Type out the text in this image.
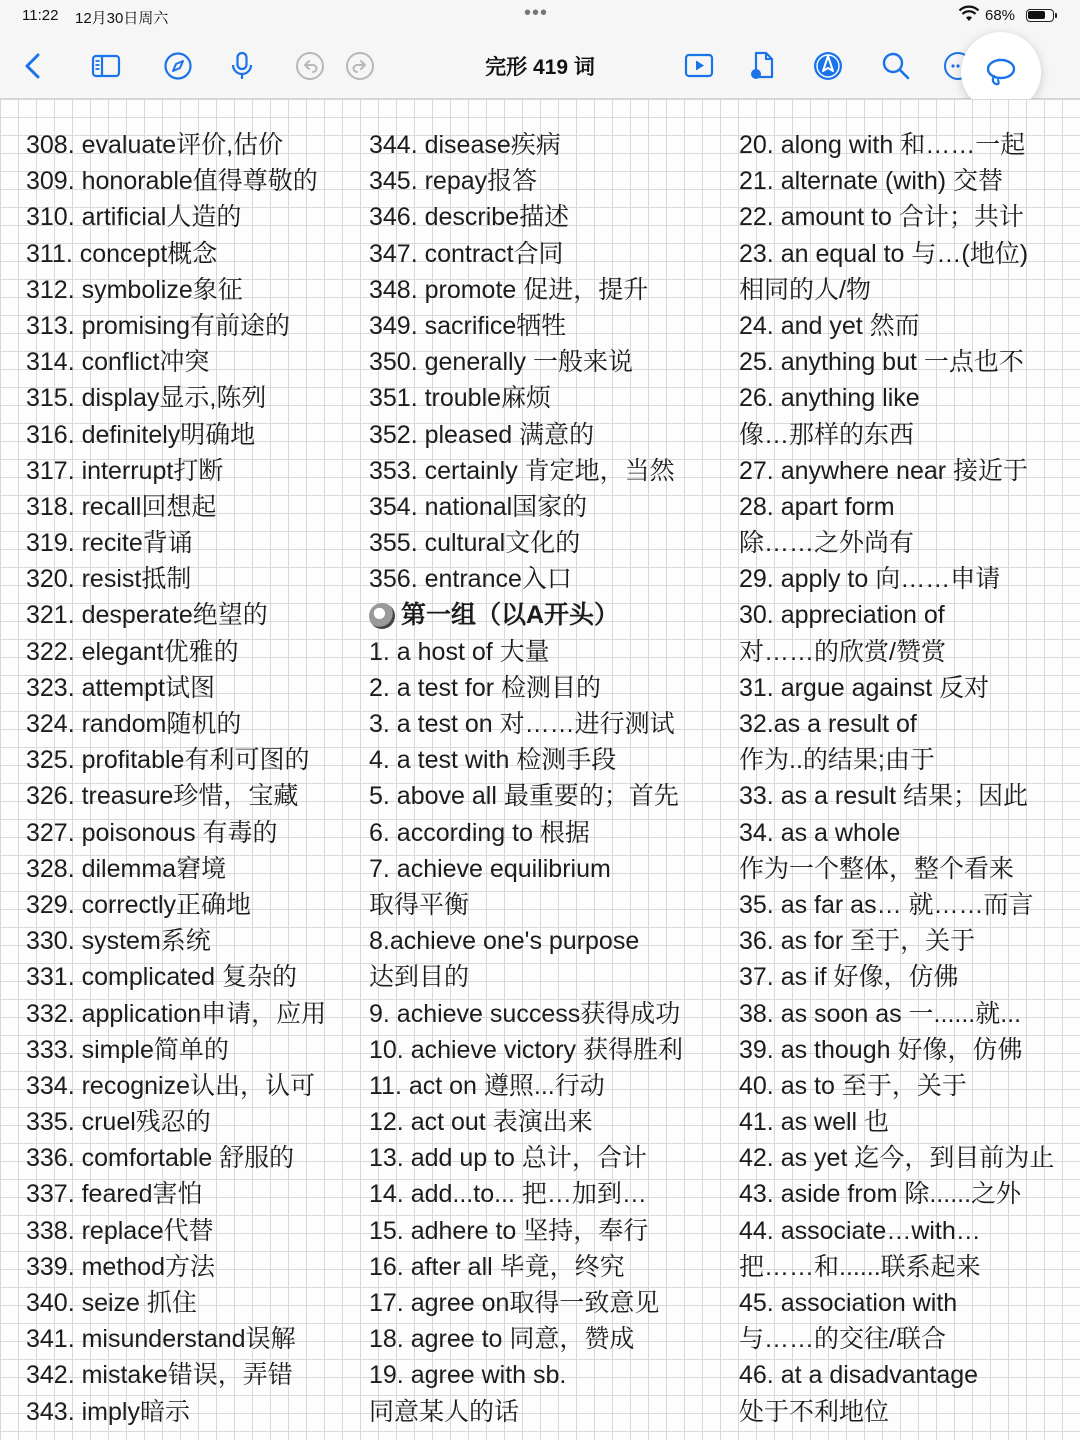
11:22 12月30日周六	•••	68%
完形 419 词
308. evaluate评价,估价
309. honorable值得尊敬的
310. artificial人造的
311. concept概念
312. symbolize象征
313. promising有前途的
314. conflict冲突
315. display显示,陈列
316. definitely明确地
317. interrupt打断
318. recall回想起
319. recite背诵
320. resist抵制
321. desperate绝望的
322. elegant优雅的
323. attempt试图
324. random随机的
325. profitable有利可图的
326. treasure珍惜，宝藏
327. poisonous 有毒的
328. dilemma窘境
329. correctly正确地
330. system系统
331. complicated 复杂的
332. application申请，应用
333. simple简单的
334. recognize认出，认可
335. cruel残忍的
336. comfortable 舒服的
337. feared害怕
338. replace代替
339. method方法
340. seize 抓住
341. misunderstand误解
342. mistake错误，弄错
343. imply暗示
344. disease疾病
345. repay报答
346. describe描述
347. contract合同
348. promote 促进，提升
349. sacrifice牺牲
350. generally 一般来说
351. trouble麻烦
352. pleased 满意的
353. certainly 肯定地，当然
354. national国家的
355. cultural文化的
356. entrance入口
第一组（以A开头）
1. a host of 大量
2. a test for 检测目的
3. a test on 对……进行测试
4. a test with 检测手段
5. above all 最重要的；首先
6. according to 根据
7. achieve equilibrium
取得平衡
8.achieve one's purpose
达到目的
9. achieve success获得成功
10. achieve victory 获得胜利
11. act on 遵照...行动
12. act out 表演出来
13. add up to 总计，合计
14. add...to... 把…加到…
15. adhere to 坚持，奉行
16. after all 毕竟，终究
17. agree on取得一致意见
18. agree to 同意，赞成
19. agree with sb.
同意某人的话
20. along with 和……一起
21. alternate (with) 交替
22. amount to 合计；共计
23. an equal to 与…(地位)
相同的人/物
24. and yet 然而
25. anything but 一点也不
26. anything like
像…那样的东西
27. anywhere near 接近于
28. apart form
除……之外尚有
29. apply to 向……申请
30. appreciation of
对……的欣赏/赞赏
31. argue against 反对
32.as a result of
作为..的结果;由于
33. as a result 结果；因此
34. as a whole
作为一个整体，整个看来
35. as far as… 就……而言
36. as for 至于，关于
37. as if 好像，仿佛
38. as soon as 一......就...
39. as though 好像，仿佛
40. as to 至于，关于
41. as well 也
42. as yet 迄今，到目前为止
43. aside from 除......之外
44. associate…with…
把……和......联系起来
45. association with
与……的交往/联合
46. at a disadvantage
处于不利地位
